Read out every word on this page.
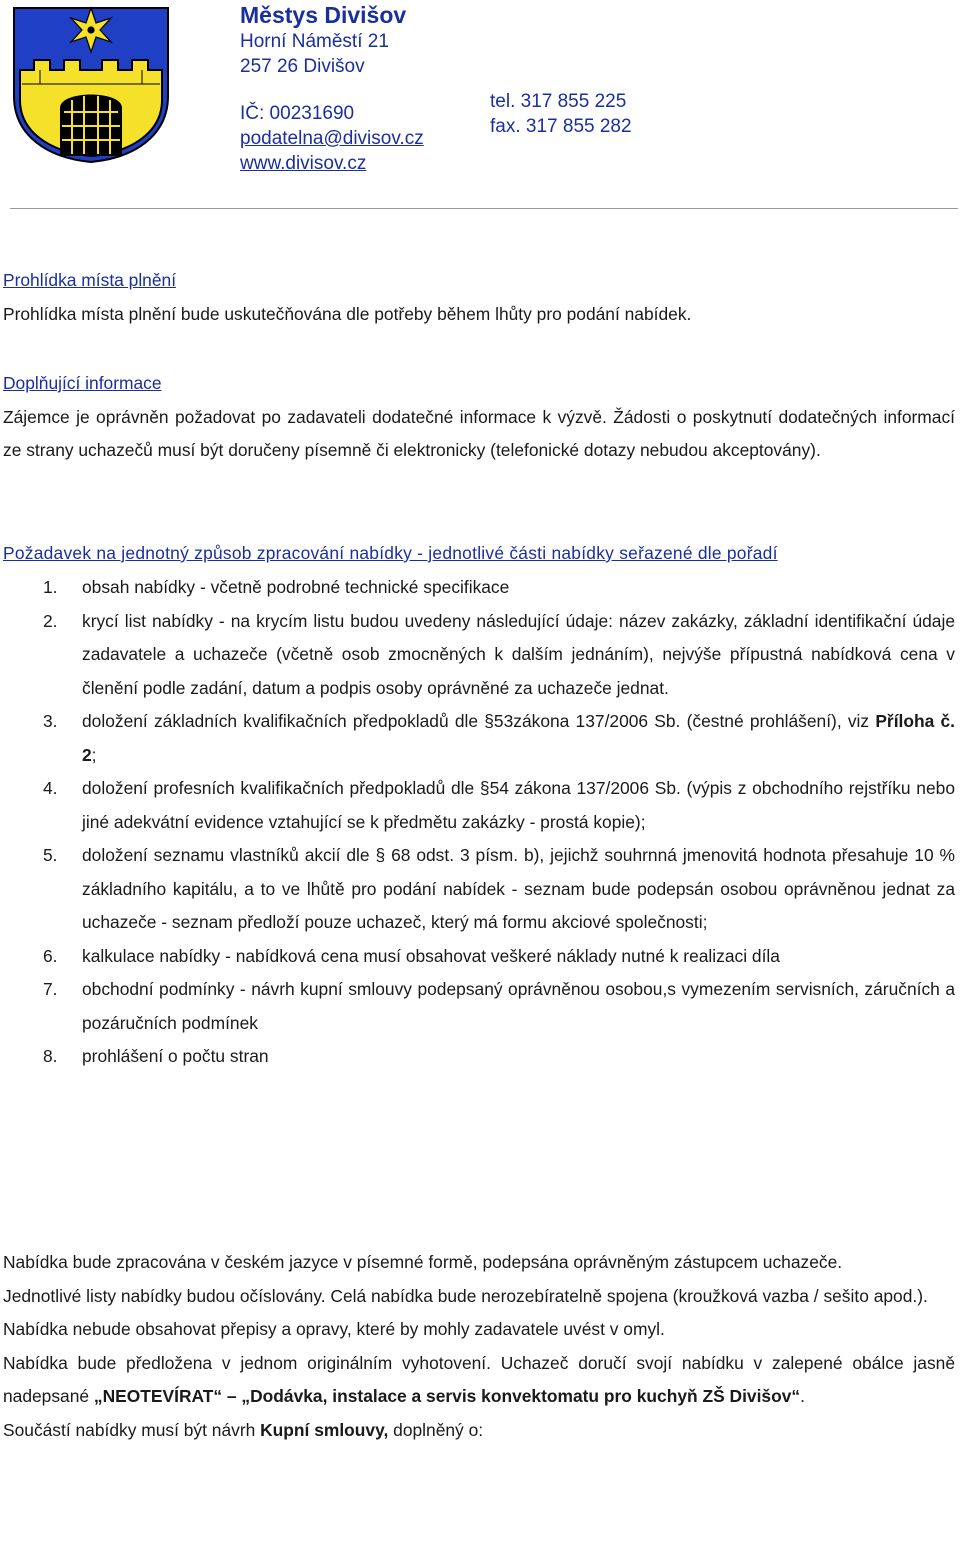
Městys Divišov
Horní Náměstí 21
257 26 Divišov
IČ: 00231690
podatelna@divisov.cz
www.divisov.cz
tel. 317 855 225
fax. 317 855 282
Prohlídka místa plnění
Prohlídka místa plnění bude uskutečňována dle potřeby během lhůty pro podání nabídek.
Doplňující informace
Zájemce je oprávněn požadovat po zadavateli dodatečné informace k výzvě. Žádosti o poskytnutí dodatečných informací ze strany uchazečů musí být doručeny písemně či elektronicky (telefonické dotazy nebudou akceptovány).
Požadavek na jednotný způsob zpracování nabídky - jednotlivé části nabídky seřazené dle pořadí
1. obsah nabídky - včetně podrobné technické specifikace
2. krycí list nabídky - na krycím listu budou uvedeny následující údaje: název zakázky, základní identifikační údaje zadavatele a uchazeče (včetně osob zmocněných k dalším jednáním), nejvýše přípustná nabídková cena v členění podle zadání, datum a podpis osoby oprávněné za uchazeče jednat.
3. doložení základních kvalifikačních předpokladů dle §53zákona 137/2006 Sb. (čestné prohlášení), viz Příloha č. 2;
4. doložení profesních kvalifikačních předpokladů dle §54 zákona 137/2006 Sb. (výpis z obchodního rejstříku nebo jiné adekvátní evidence vztahující se k předmětu zakázky - prostá kopie);
5. doložení seznamu vlastníků akcií dle § 68 odst. 3 písm. b), jejichž souhrnná jmenovitá hodnota přesahuje 10 % základního kapitálu, a to ve lhůtě pro podání nabídek - seznam bude podepsán osobou oprávněnou jednat za uchazeče - seznam předloží pouze uchazeč, který má formu akciové společnosti;
6. kalkulace nabídky - nabídková cena musí obsahovat veškeré náklady nutné k realizaci díla
7. obchodní podmínky - návrh kupní smlouvy podepsaný oprávněnou osobou,s vymezením servisních, záručních a pozáručních podmínek
8. prohlášení o počtu stran
Nabídka bude zpracována v českém jazyce v písemné formě, podepsána oprávněným zástupcem uchazeče.
Jednotlivé listy nabídky budou očíslovány. Celá nabídka bude nerozebíratelně spojena (kroužková vazba / sešito apod.).
Nabídka nebude obsahovat přepisy a opravy, které by mohly zadavatele uvést v omyl.
Nabídka bude předložena v jednom originálním vyhotovení. Uchazeč doručí svojí nabídku v zalepené obálce jasně nadepsané „NEOTEVÍRAT“ – „Dodávka, instalace a servis konvektomatu pro kuchyň ZŠ Divišov“.
Součástí nabídky musí být návrh Kupní smlouvy, doplněný o:
